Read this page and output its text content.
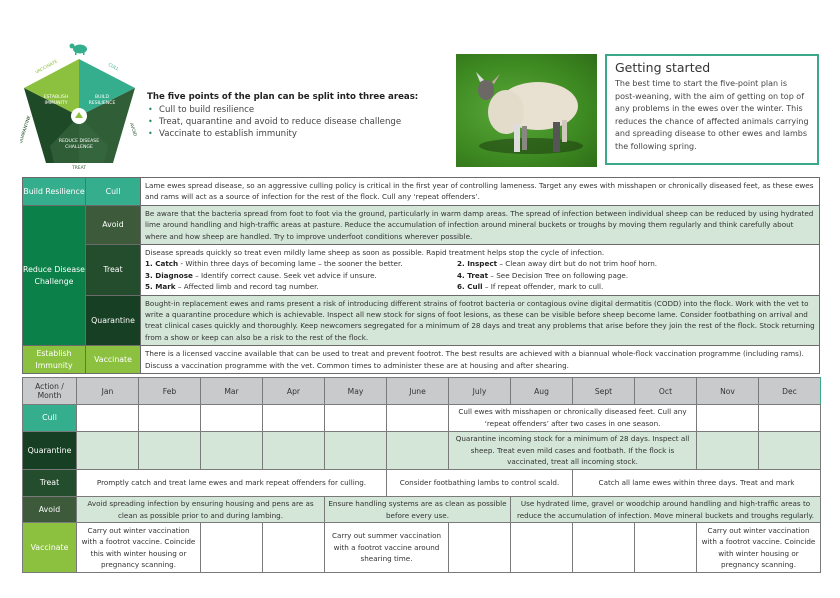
ESTABLISH
IMMUNITY
BUILD
RESILIENCE
REDUCE DISEASE
CHALLENGE
VACCINATE	CULL
AVOID
TREAT
QUARANTINE
The five points of the plan can be split into three areas:
• Cull to build resilience
• Treat, quarantine and avoid to reduce disease challenge
• Vaccinate to establish immunity
Getting started

The best time to start the five-point plan is post-weaning, with the aim of getting on top of any problems in the ewes over the winter. This reduces the chance of affected animals carrying and spreading disease to other ewes and lambs the following spring.

Build Resilience	Cull	Lame ewes spread disease, so an aggressive culling policy is critical in the first year of controlling lameness. Target any ewes with misshapen or chronically diseased feet, as these ewes and rams will act as a source of infection for the rest of the flock. Cull any ‘repeat offenders’.
Reduce Disease Challenge	Avoid	Be aware that the bacteria spread from foot to foot via the ground, particularly in warm damp areas. The spread of infection between individual sheep can be reduced by using hydrated lime around handling and high-traffic areas at pasture. Reduce the accumulation of infection around mineral buckets or troughs by moving them regularly and think carefully about where and how sheep are handled. Try to improve underfoot conditions wherever possible.
Treat	
Disease spreads quickly so treat even mildly lame sheep as soon as possible. Rapid treatment helps stop the cycle of infection.
1. Catch - Within three days of becoming lame – the sooner the better.	2. Inspect – Clean away dirt but do not trim hoof horn.
3. Diagnose – Identify correct cause. Seek vet advice if unsure.	4. Treat – See Decision Tree on following page.
5. Mark – Affected limb and record tag number.	6. Cull – If repeat offender, mark to cull.

	Quarantine	Bought-in replacement ewes and rams present a risk of introducing different strains of footrot bacteria or contagious ovine digital dermatitis (CODD) into the flock. Work with the vet to write a quarantine procedure which is achievable. Inspect all new stock for signs of foot lesions, as these can be visible before sheep become lame. Consider footbathing on arrival and treat clinical cases quickly and thoroughly. Keep newcomers segregated for a minimum of 28 days and treat any problems that arise before they join the rest of the flock. Stock returning from a show or keep can also be a risk to the rest of the flock.
Establish Immunity	Vaccinate	There is a licensed vaccine available that can be used to treat and prevent footrot. The best results are achieved with a biannual whole-flock vaccination programme (including rams). Discuss a vaccination programme with the vet. Common times to administer these are at housing and after shearing.
Action / Month	Jan	Feb	Mar	Apr	May	June	July	Aug	Sept	Oct	Nov	Dec
Cull							Cull ewes with misshapen or chronically diseased feet. Cull any ‘repeat offenders’ after two cases in one season.					
Quarantine							Quarantine incoming stock for a minimum of 28 days. Inspect all sheep. Treat even mild cases and footbath. If the flock is vaccinated, treat all incoming stock.					
Treat	Promptly catch and treat lame ewes and mark repeat offenders for culling.					Consider footbathing lambs to control scald.			Catch all lame ewes within three days. Treat and mark			
Avoid	Avoid spreading infection by ensuring housing and pens are as clean as possible prior to and during lambing.				Ensure handling systems are as clean as possible before every use.			Use hydrated lime, gravel or woodchip around handling and high-traffic areas to reduce the accumulation of infection. Move mineral buckets and troughs regularly.				
Vaccinate	Carry out winter vaccination with a footrot vaccine. Coincide this with winter housing or pregnancy scanning.				Carry out summer vaccination with a footrot vaccine around shearing time.						Carry out winter vaccination with a footrot vaccine. Coincide with winter housing or pregnancy scanning.	
